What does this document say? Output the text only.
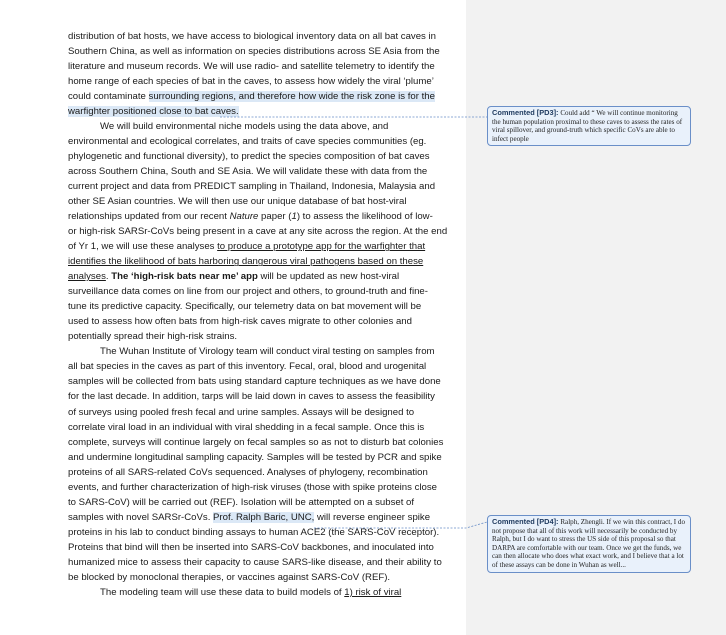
distribution of bat hosts, we have access to biological inventory data on all bat caves in
Southern China, as well as information on species distributions across SE Asia from the
literature and museum records. We will use radio- and satellite telemetry to identify the
home range of each species of bat in the caves, to assess how widely the viral ‘plume’
could contaminate surrounding regions, and therefore how wide the risk zone is for the
warfighter positioned close to bat caves.
We will build environmental niche models using the data above, and
environmental and ecological correlates, and traits of cave species communities (eg.
phylogenetic and functional diversity), to predict the species composition of bat caves
across Southern China, South and SE Asia. We will validate these with data from the
current project and data from PREDICT sampling in Thailand, Indonesia, Malaysia and
other SE Asian countries. We will then use our unique database of bat host-viral
relationships updated from our recent Nature paper (1) to assess the likelihood of low-
or high-risk SARSr-CoVs being present in a cave at any site across the region. At the end
of Yr 1, we will use these analyses to produce a prototype app for the warfighter that
identifies the likelihood of bats harboring dangerous viral pathogens based on these
analyses. The ‘high-risk bats near me’ app will be updated as new host-viral
surveillance data comes on line from our project and others, to ground-truth and fine-
tune its predictive capacity. Specifically, our telemetry data on bat movement will be
used to assess how often bats from high-risk caves migrate to other colonies and
potentially spread their high-risk strains.
The Wuhan Institute of Virology team will conduct viral testing on samples from
all bat species in the caves as part of this inventory. Fecal, oral, blood and urogenital
samples will be collected from bats using standard capture techniques as we have done
for the last decade. In addition, tarps will be laid down in caves to assess the feasibility
of surveys using pooled fresh fecal and urine samples. Assays will be designed to
correlate viral load in an individual with viral shedding in a fecal sample. Once this is
complete, surveys will continue largely on fecal samples so as not to disturb bat colonies
and undermine longitudinal sampling capacity. Samples will be tested by PCR and spike
proteins of all SARS-related CoVs sequenced. Analyses of phylogeny, recombination
events, and further characterization of high-risk viruses (those with spike proteins close
to SARS-CoV) will be carried out (REF). Isolation will be attempted on a subset of
samples with novel SARSr-CoVs. Prof. Ralph Baric, UNC, will reverse engineer spike
proteins in his lab to conduct binding assays to human ACE2 (the SARS-CoV receptor).
Proteins that bind will then be inserted into SARS-CoV backbones, and inoculated into
humanized mice to assess their capacity to cause SARS-like disease, and their ability to
be blocked by monoclonal therapies, or vaccines against SARS-CoV (REF).
The modeling team will use these data to build models of 1) risk of viral
Commented [PD3]: Could add “ We will continue monitoring the human population proximal to these caves to assess the rates of viral spillover, and ground-truth which specific CoVs are able to infect people
Commented [PD4]: Ralph, Zhengli. If we win this contract, I do not propose that all of this work will necessarily be conducted by Ralph, but I do want to stress the US side of this proposal so that DARPA are comfortable with our team. Once we get the funds, we can then allocate who does what exact work, and I believe that a lot of these assays can be done in Wuhan as well...
